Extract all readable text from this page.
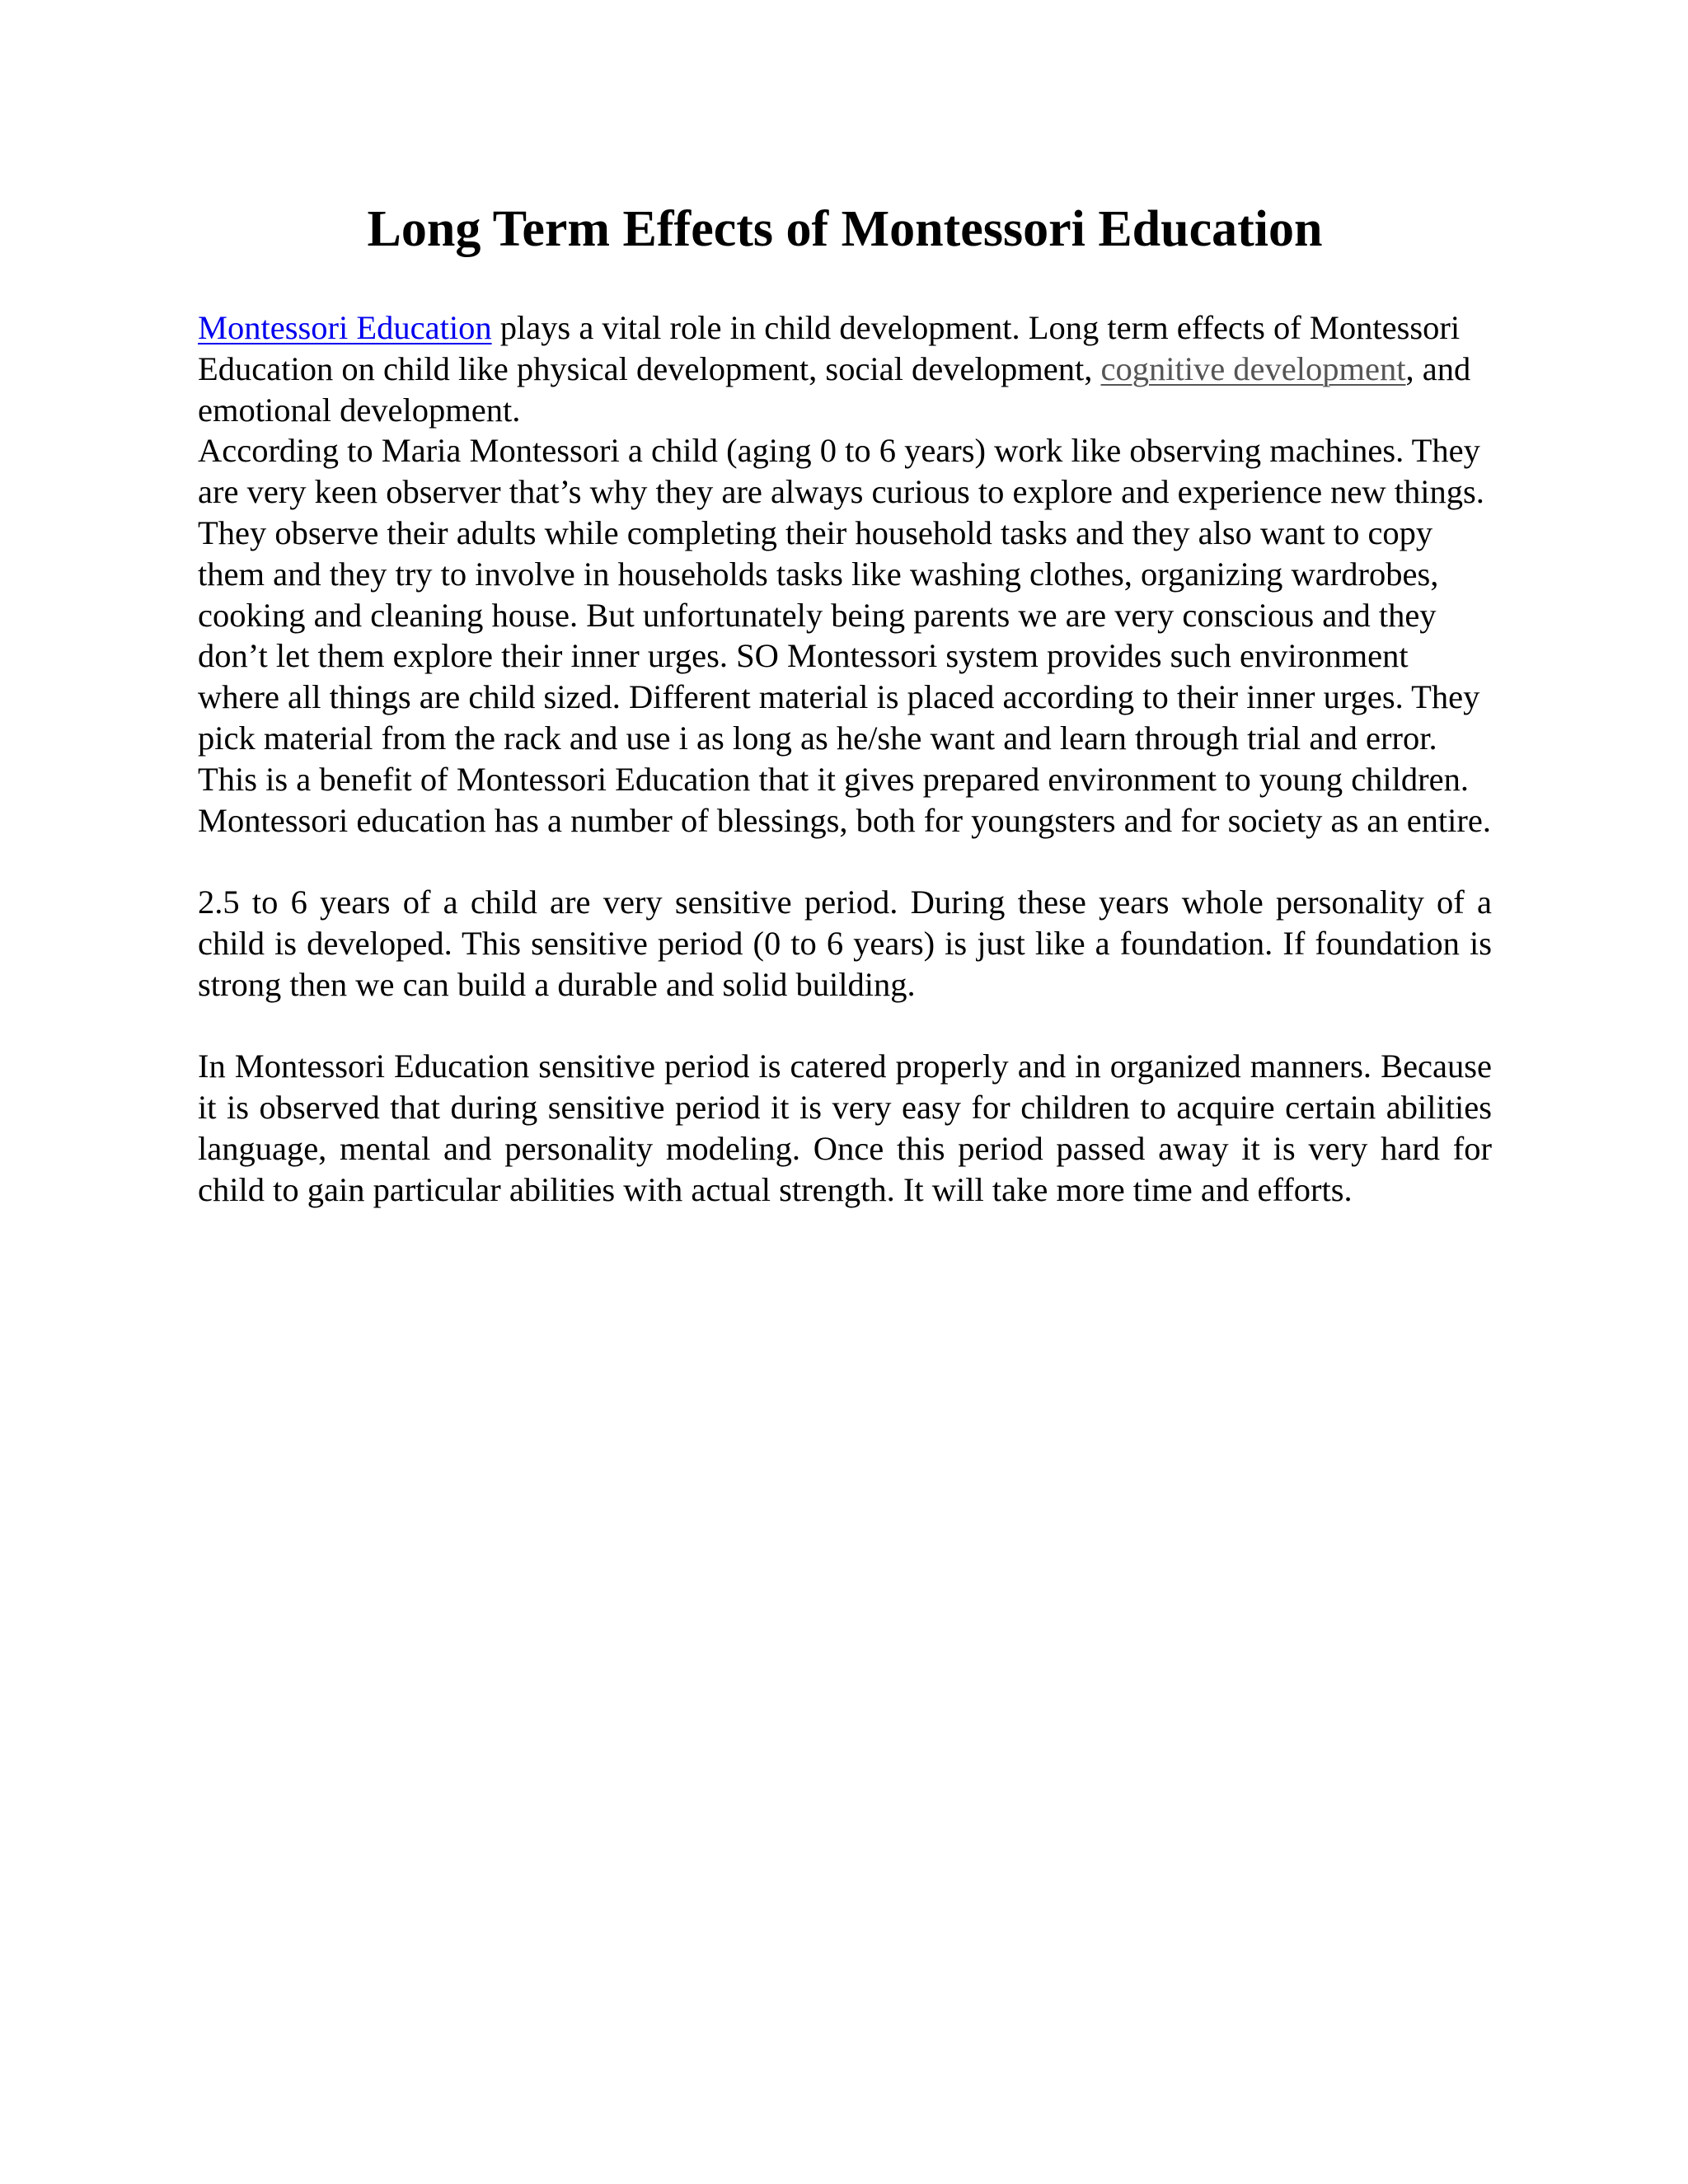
Long Term Effects of Montessori Education

Montessori Education plays a vital role in child development. Long term effects of Montessori Education on child like physical development, social development, cognitive development, and emotional development.

According to Maria Montessori a child (aging 0 to 6 years) work like observing machines. They are very keen observer that’s why they are always curious to explore and experience new things. They observe their adults while completing their household tasks and they also want to copy them and they try to involve in households tasks like washing clothes, organizing wardrobes, cooking and cleaning house. But unfortunately being parents we are very conscious and they don’t let them explore their inner urges. SO Montessori system provides such environment where all things are child sized. Different material is placed according to their inner urges. They pick material from the rack and use i as long as he/she want and learn through trial and error. This is a benefit of Montessori Education that it gives prepared environment to young children. Montessori education has a number of blessings, both for youngsters and for society as an entire.

2.5 to 6 years of a child are very sensitive period. During these years whole personality of a child is developed. This sensitive period (0 to 6 years) is just like a foundation. If foundation is strong then we can build a durable and solid building.

In Montessori Education sensitive period is catered properly and in organized manners. Because it is observed that during sensitive period it is very easy for children to acquire certain abilities language, mental and personality modeling. Once this period passed away it is very hard for child to gain particular abilities with actual strength. It will take more time and efforts.
